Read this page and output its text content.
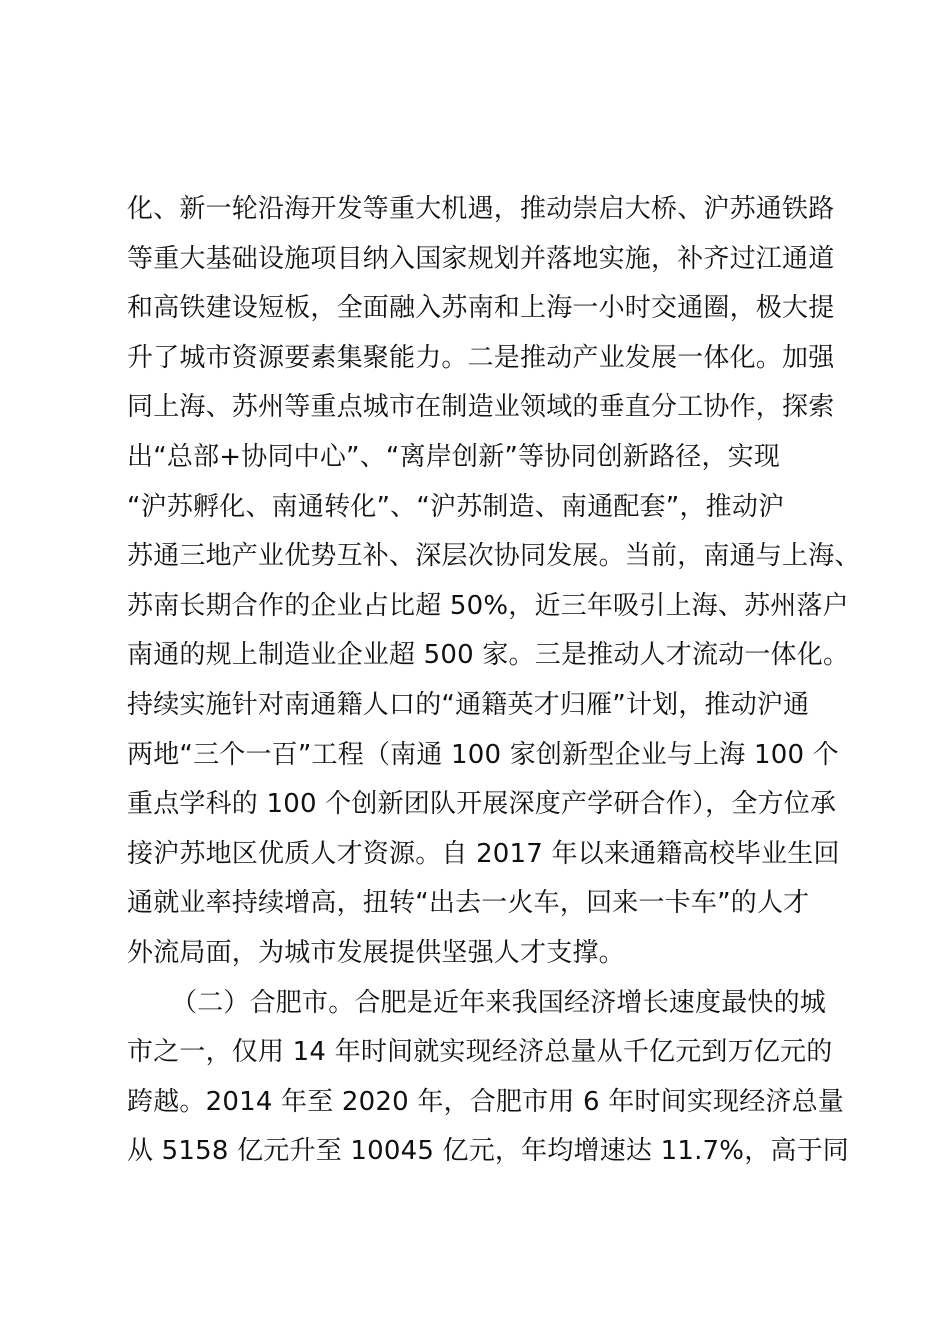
化、新一轮沿海开发等重大机遇，推动崇启大桥、沪苏通铁路
等重大基础设施项目纳入国家规划并落地实施，补齐过江通道
和高铁建设短板，全面融入苏南和上海一小时交通圈，极大提
升了城市资源要素集聚能力。二是推动产业发展一体化。加强
同上海、苏州等重点城市在制造业领域的垂直分工协作，探索
出“总部+协同中心”、“离岸创新”等协同创新路径，实现
“沪苏孵化、南通转化”、“沪苏制造、南通配套”，推动沪
苏通三地产业优势互补、深层次协同发展。当前，南通与上海、
苏南长期合作的企业占比超 50%，近三年吸引上海、苏州落户
南通的规上制造业企业超 500 家。三是推动人才流动一体化。
持续实施针对南通籍人口的“通籍英才归雁”计划，推动沪通
两地“三个一百”工程（南通 100 家创新型企业与上海 100 个
重点学科的 100 个创新团队开展深度产学研合作），全方位承
接沪苏地区优质人才资源。自 2017 年以来通籍高校毕业生回
通就业率持续增高，扭转“出去一火车，回来一卡车”的人才
外流局面，为城市发展提供坚强人才支撑。
（二）合肥市。合肥是近年来我国经济增长速度最快的城
市之一，仅用 14 年时间就实现经济总量从千亿元到万亿元的
跨越。2014 年至 2020 年，合肥市用 6 年时间实现经济总量
从 5158 亿元升至 10045 亿元，年均增速达 11.7%，高于同
